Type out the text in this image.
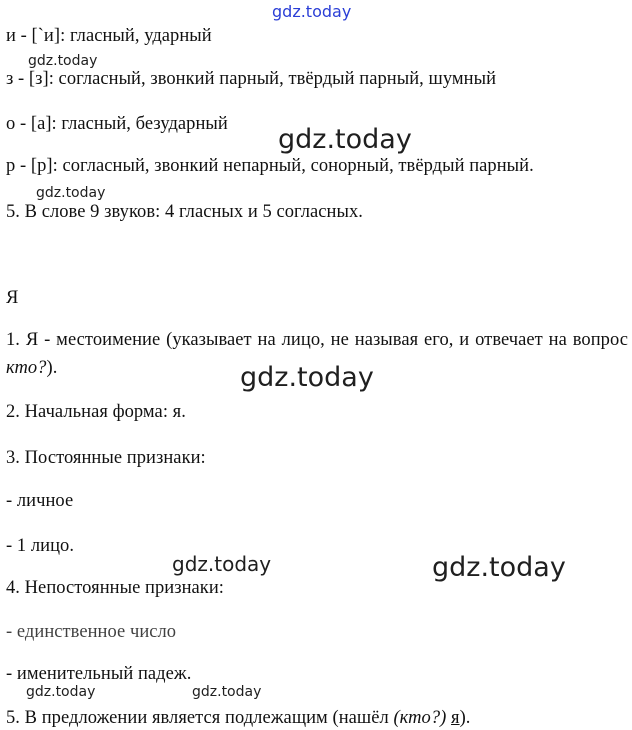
gdz.today

и - [`и]: гласный, ударный

gdz.today

з - [з]: согласный, звонкий парный, твёрдый парный, шумный

о - [а]: гласный, безударный gdz.today

р - [р]: согласный, звонкий непарный, сонорный, твёрдый парный.

gdz.today

5. В слове 9 звуков: 4 гласных и 5 согласных.

Я

1. Я - местоимение (указывает на лицо, не называя его, и отвечает на вопрос кто?).	gdz.today

2. Начальная форма: я.

3. Постоянные признаки:

- личное

- 1 лицо.

gdz.today	gdz.today

4. Непостоянные признаки:

- единственное число

- именительный падеж.

gdz.today	gdz.today

5. В предложении является подлежащим (нашёл (кто?) я).
